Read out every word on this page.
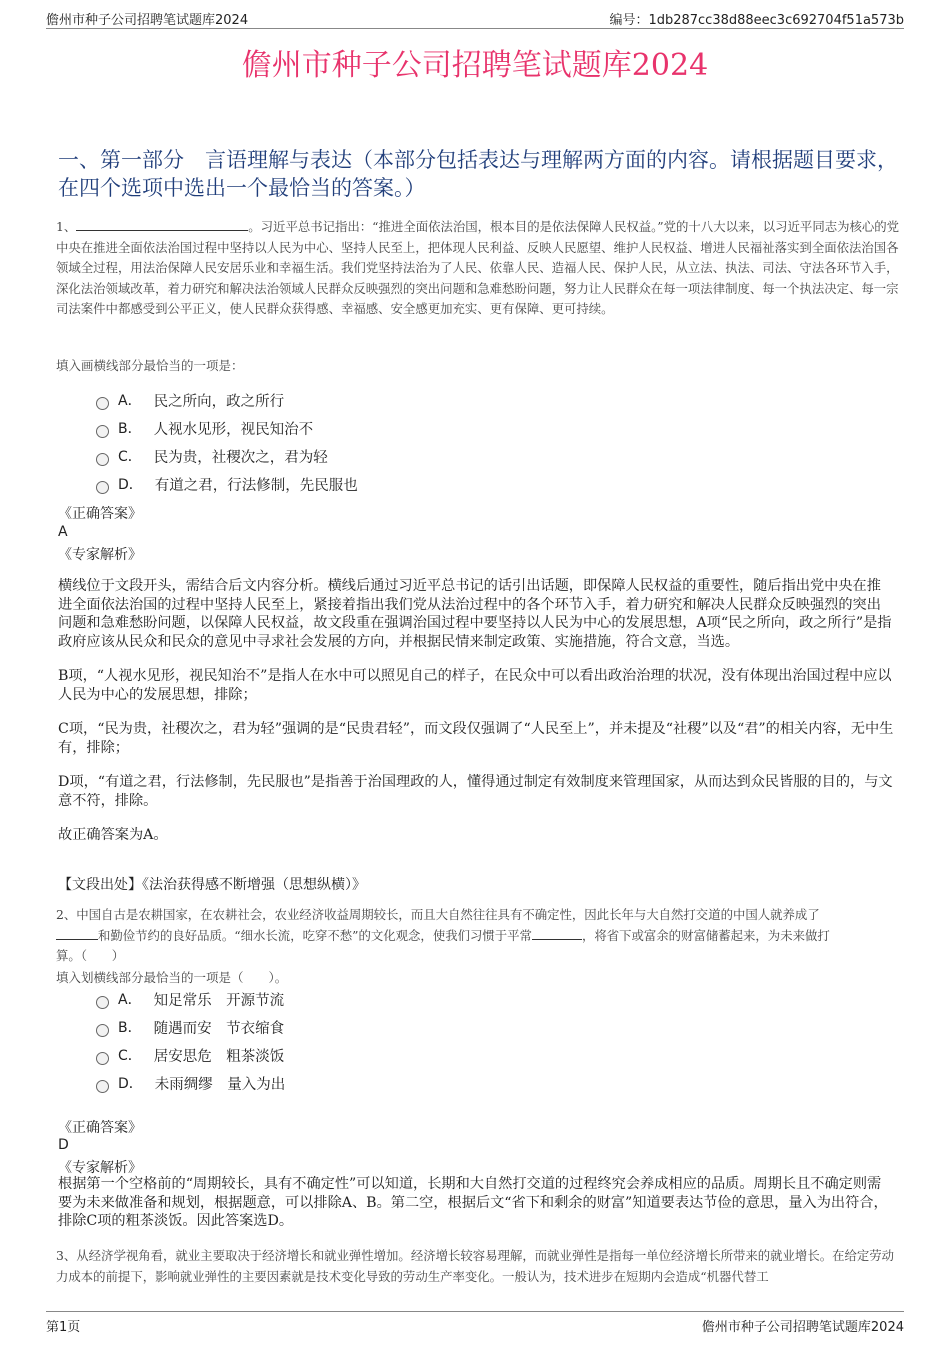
儋州市种子公司招聘笔试题库2024	编号：1db287cc38d88eec3c692704f51a573b
儋州市种子公司招聘笔试题库2024
一、第一部分　言语理解与表达（本部分包括表达与理解两方面的内容。请根据题目要求，在四个选项中选出一个最恰当的答案。）
1、	。习近平总书记指出：“推进全面依法治国，根本目的是依法保障人民权益。”党的十八大以来，以习近平同志为核心的党中央在推进全面依法治国过程中坚持以人民为中心、坚持人民至上，把体现人民利益、反映人民愿望、维护人民权益、增进人民福祉落实到全面依法治国各领域全过程，用法治保障人民安居乐业和幸福生活。我们党坚持法治为了人民、依靠人民、造福人民、保护人民，从立法、执法、司法、守法各环节入手，深化法治领域改革，着力研究和解决法治领域人民群众反映强烈的突出问题和急难愁盼问题，努力让人民群众在每一项法律制度、每一个执法决定、每一宗司法案件中都感受到公平正义，使人民群众获得感、幸福感、安全感更加充实、更有保障、更可持续。
填入画横线部分最恰当的一项是：
A． 民之所向，政之所行
B． 人视水见形，视民知治不
C． 民为贵，社稷次之，君为轻
D． 有道之君，行法修制，先民服也
《正确答案》
A
《专家解析》

横线位于文段开头，需结合后文内容分析。横线后通过习近平总书记的话引出话题，即保障人民权益的重要性，随后指出党中央在推进全面依法治国的过程中坚持人民至上，紧接着指出我们党从法治过程中的各个环节入手，着力研究和解决人民群众反映强烈的突出问题和急难愁盼问题，以保障人民权益，故文段重在强调治国过程中要坚持以人民为中心的发展思想，A项“民之所向，政之所行”是指政府应该从民众和民众的意见中寻求社会发展的方向，并根据民情来制定政策、实施措施，符合文意，当选。

B项，“人视水见形，视民知治不”是指人在水中可以照见自己的样子，在民众中可以看出政治治理的状况，没有体现出治国过程中应以人民为中心的发展思想，排除；

C项，“民为贵，社稷次之，君为轻”强调的是“民贵君轻”，而文段仅强调了“人民至上”，并未提及“社稷”以及“君”的相关内容，无中生有，排除；

D项，“有道之君，行法修制，先民服也”是指善于治国理政的人，懂得通过制定有效制度来管理国家，从而达到众民皆服的目的，与文意不符，排除。

故正确答案为A。

【文段出处】《法治获得感不断增强（思想纵横）》
2、中国自古是农耕国家，在农耕社会，农业经济收益周期较长，而且大自然往往具有不确定性，因此长年与大自然打交道的中国人就养成了
和勤俭节约的良好品质。“细水长流，吃穿不愁”的文化观念，使我们习惯于平常	，将省下或富余的财富储蓄起来，为未来做打
算。（　　）
填入划横线部分最恰当的一项是（　　）。
A． 知足常乐　开源节流
B． 随遇而安　节衣缩食
C． 居安思危　粗茶淡饭
D． 未雨绸缪　量入为出
《正确答案》
D
《专家解析》
根据第一个空格前的“周期较长，具有不确定性”可以知道，长期和大自然打交道的过程终究会养成相应的品质。周期长且不确定则需要为未来做准备和规划，根据题意，可以排除A、B。第二空，根据后文“省下和剩余的财富”知道要表达节俭的意思，量入为出符合，排除C项的粗茶淡饭。因此答案选D。
3、从经济学视角看，就业主要取决于经济增长和就业弹性增加。经济增长较容易理解，而就业弹性是指每一单位经济增长所带来的就业增长。在给定劳动力成本的前提下，影响就业弹性的主要因素就是技术变化导致的劳动生产率变化。一般认为，技术进步在短期内会造成“机器代替工
第1页	儋州市种子公司招聘笔试题库2024
